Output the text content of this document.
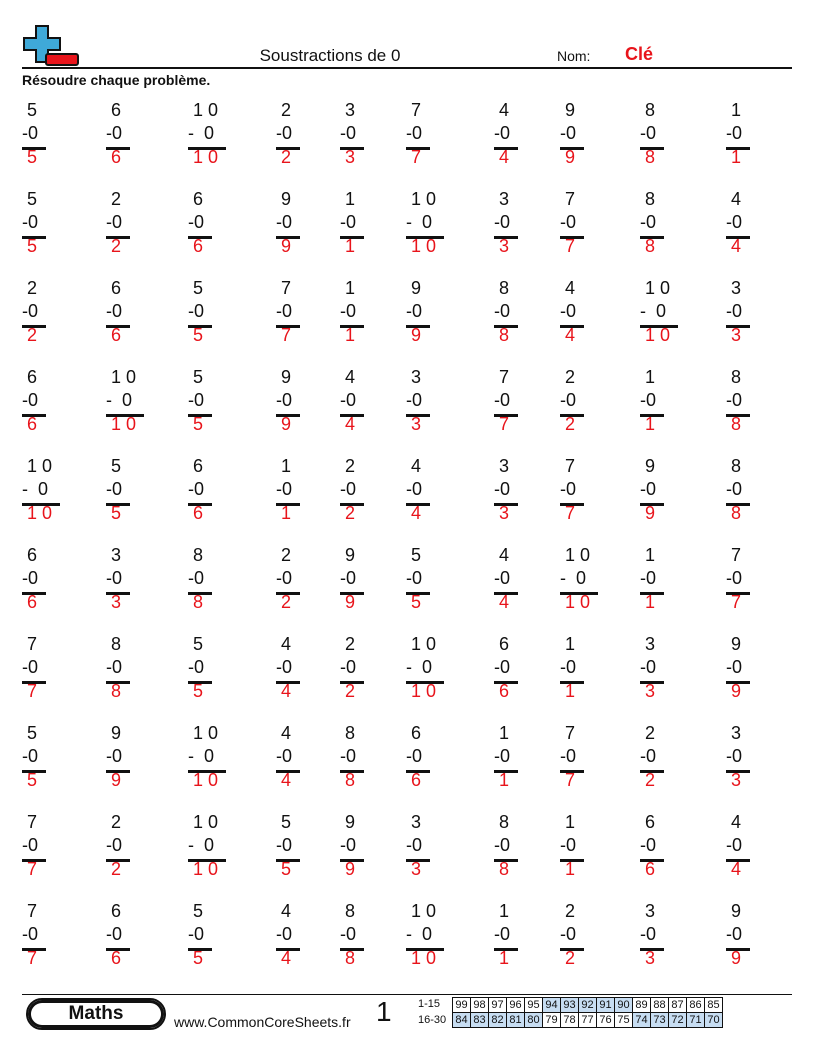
Soustractions de 0	Nom: Clé
Résoudre chaque problème.
5
-0
5
6
-0
6
1 0
-  0
1 0
2
-0
2
3
-0
3
7
-0
7
4
-0
4
9
-0
9
8
-0
8
1
-0
1
5
-0
5
2
-0
2
6
-0
6
9
-0
9
1
-0
1
1 0
-  0
1 0
3
-0
3
7
-0
7
8
-0
8
4
-0
4
2
-0
2
6
-0
6
5
-0
5
7
-0
7
1
-0
1
9
-0
9
8
-0
8
4
-0
4
1 0
-  0
1 0
3
-0
3
6
-0
6
1 0
-  0
1 0
5
-0
5
9
-0
9
4
-0
4
3
-0
3
7
-0
7
2
-0
2
1
-0
1
8
-0
8
1 0
-  0
1 0
5
-0
5
6
-0
6
1
-0
1
2
-0
2
4
-0
4
3
-0
3
7
-0
7
9
-0
9
8
-0
8
6
-0
6
3
-0
3
8
-0
8
2
-0
2
9
-0
9
5
-0
5
4
-0
4
1 0
-  0
1 0
1
-0
1
7
-0
7
7
-0
7
8
-0
8
5
-0
5
4
-0
4
2
-0
2
1 0
-  0
1 0
6
-0
6
1
-0
1
3
-0
3
9
-0
9
5
-0
5
9
-0
9
1 0
-  0
1 0
4
-0
4
8
-0
8
6
-0
6
1
-0
1
7
-0
7
2
-0
2
3
-0
3
7
-0
7
2
-0
2
1 0
-  0
1 0
5
-0
5
9
-0
9
3
-0
3
8
-0
8
1
-0
1
6
-0
6
4
-0
4
7
-0
7
6
-0
6
5
-0
5
4
-0
4
8
-0
8
1 0
-  0
1 0
1
-0
1
2
-0
2
3
-0
3
9
-0
9
Maths	www.CommonCoreSheets.fr 1 1-15
16-30
99	98	97	96	95	94	93	92	91	90	89	88	87	86	85
84	83	82	81	80	79	78	77	76	75	74	73	72	71	70
